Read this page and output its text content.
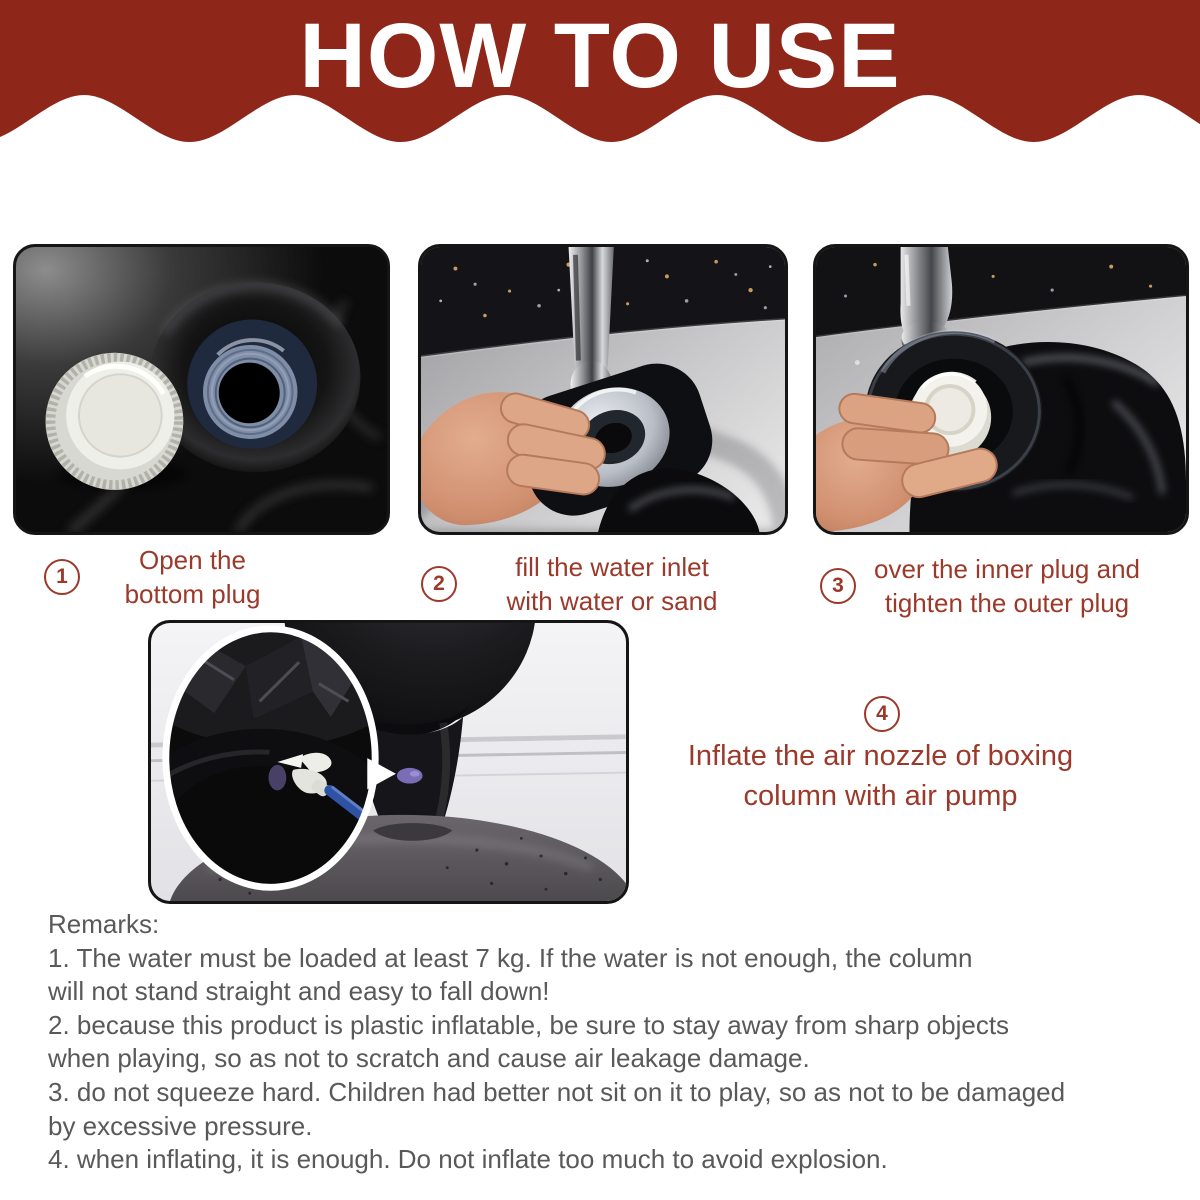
HOW TO USE
1	2	3
4
Open the
bottom plug
fill the water inlet
with water or sand
over the inner plug and
tighten the outer plug
Inflate the air nozzle of boxing
column with air pump
Remarks:
1. The water must be loaded at least 7 kg. If the water is not enough, the column
will not stand straight and easy to fall down!
2. because this product is plastic inflatable, be sure to stay away from sharp objects
when playing, so as not to scratch and cause air leakage damage.
3. do not squeeze hard. Children had better not sit on it to play, so as not to be damaged
by excessive pressure.
4. when inflating, it is enough. Do not inflate too much to avoid explosion.
